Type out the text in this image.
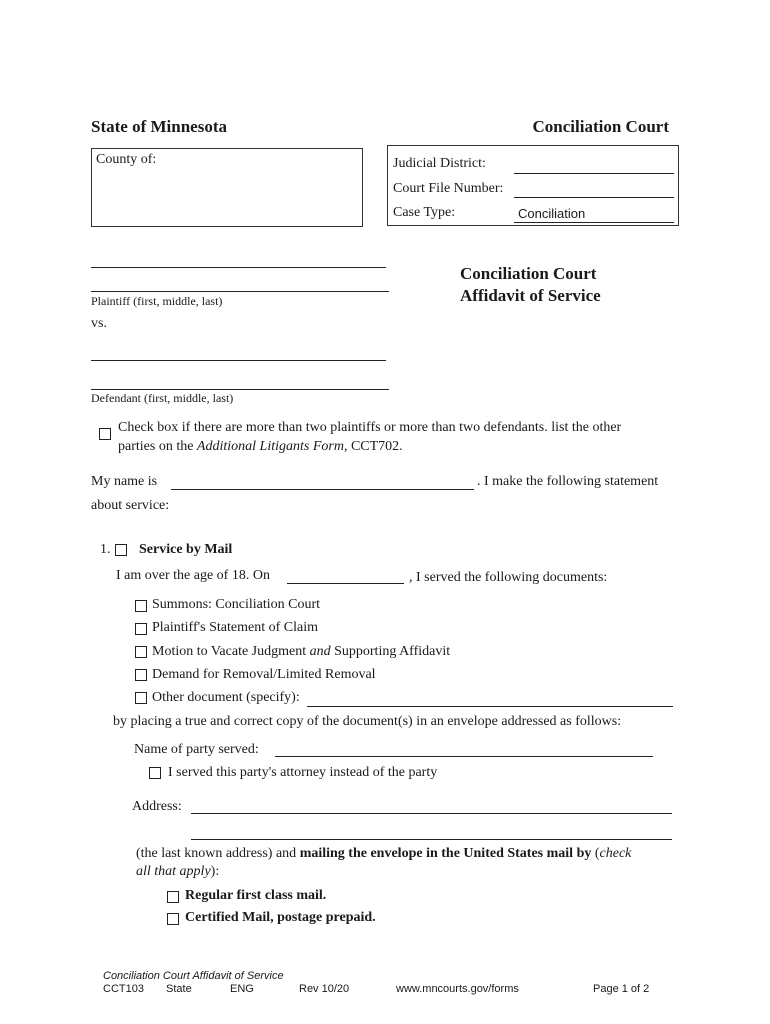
State of Minnesota	Conciliation Court
County of:	Judicial District:
Court File Number:
Case Type:	Conciliation
Plaintiff (first, middle, last)
vs.
Defendant (first, middle, last)
Conciliation Court
Affidavit of Service
Check box if there are more than two plaintiffs or more than two defendants. list the other
parties on the Additional Litigants Form, CCT702.
My name is	. I make the following statement
about service:
1. Service by Mail
I am over the age of 18. On	, I served the following documents:
Summons: Conciliation Court
Plaintiff's Statement of Claim
Motion to Vacate Judgment and Supporting Affidavit
Demand for Removal/Limited Removal
Other document (specify):
by placing a true and correct copy of the document(s) in an envelope addressed as follows:
Name of party served:
I served this party's attorney instead of the party
Address:
(the last known address) and mailing the envelope in the United States mail by (check
all that apply):
Regular first class mail.
Certified Mail, postage prepaid.
Conciliation Court Affidavit of Service
CCT103 State	ENG	Rev 10/20	www.mncourts.gov/forms	Page 1 of 2
